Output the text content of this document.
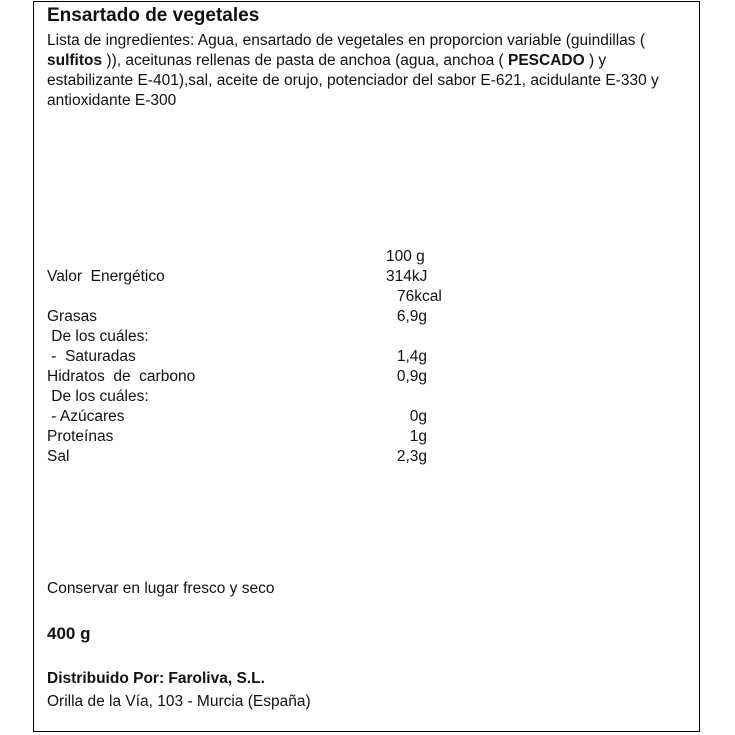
Ensartado de vegetales
Lista de ingredientes: Agua, ensartado de vegetales en proporcion variable (guindillas ( sulfitos )), aceitunas rellenas de pasta de anchoa (agua, anchoa ( PESCADO ) y estabilizante E-401),sal, aceite de orujo, potenciador del sabor E-621, acidulante E-330 y antioxidante E-300
100 g
Valor  Energético	314kJ
76kcal
Grasas	6,9g
De los cuáles:
-  Saturadas	1,4g
Hidratos  de  carbono	0,9g
De los cuáles:
- Azúcares	0g
Proteínas	1g
Sal	2,3g
Conservar en lugar fresco y seco
400 g
Distribuido Por: Faroliva, S.L.
Orilla de la Vía, 103 - Murcia (España)
